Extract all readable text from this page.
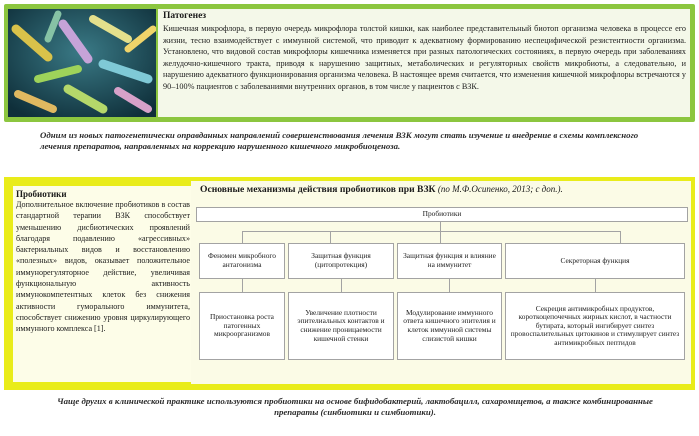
Патогенез
Кишечная микрофлора, в первую очередь микрофлора толстой кишки, как наиболее представительный биотоп организма человека в процессе его жизни, тесно взаимодействует с иммунной системой, что приводит к адекватному формированию неспецифической резистентности организма. Установлено, что видовой состав микрофлоры кишечника изменяется при разных патологических состояниях, в первую очередь при заболеваниях желудочно-кишечного тракта, приводя к нарушению защитных, метаболических и регуляторных свойств микробиоты, а следовательно, и нарушению адекватного функционирования организма человека. В настоящее время считается, что изменения кишечной микрофлоры встречаются у 90–100% пациентов с заболеваниями внутренних органов, в том числе у пациентов с ВЗК.
Одним из новых патогенетически оправданных направлений совершенствования лечения ВЗК могут стать изучение и внедрение в схемы комплексного лечения препаратов, направленных на коррекцию нарушенного кишечного микробиоценоза.
Пробиотики
Дополнительное включение пробиотиков в состав стандартной терапии ВЗК способствует уменьшению дисбиотических проявлений благодаря подавлению «агрессивных» бактериальных видов и восстановлению «полезных» видов, оказывает положительное иммунорегуляторное действие, увеличивая функциональную активность иммунокомпетентных клеток без снижения активности гуморального иммунитета, способствует снижению уровня циркулирующего иммунного комплекса [1].
Основные механизмы действия пробиотиков при ВЗК (по М.Ф.Осипенко, 2013; с доп.).
Пробиотики
Феномен микробного антагонизма
Защитная функция (цитопротекция)
Защитная функция и влияние на иммунитет	Секреторная функция
Приостановка роста патогенных микроорганизмов
Увеличение плотности эпителиальных контактов и снижение проницаемости кишечной стенки
Модулирование иммунного ответа кишечного эпителия и клеток иммунной системы слизистой кишки
Секреция антимикробных продуктов, короткоцепочечных жирных кислот, в частности бутирата, который ингибирует синтез провоспалительных цитокинов и стимулирует синтез антимикробных пептидов
Чаще других в клинической практике используются пробиотики на основе бифидобактерий, лактобацилл, сахаромицетов, а также комбинированные препараты (синбиотики и симбиотики).
